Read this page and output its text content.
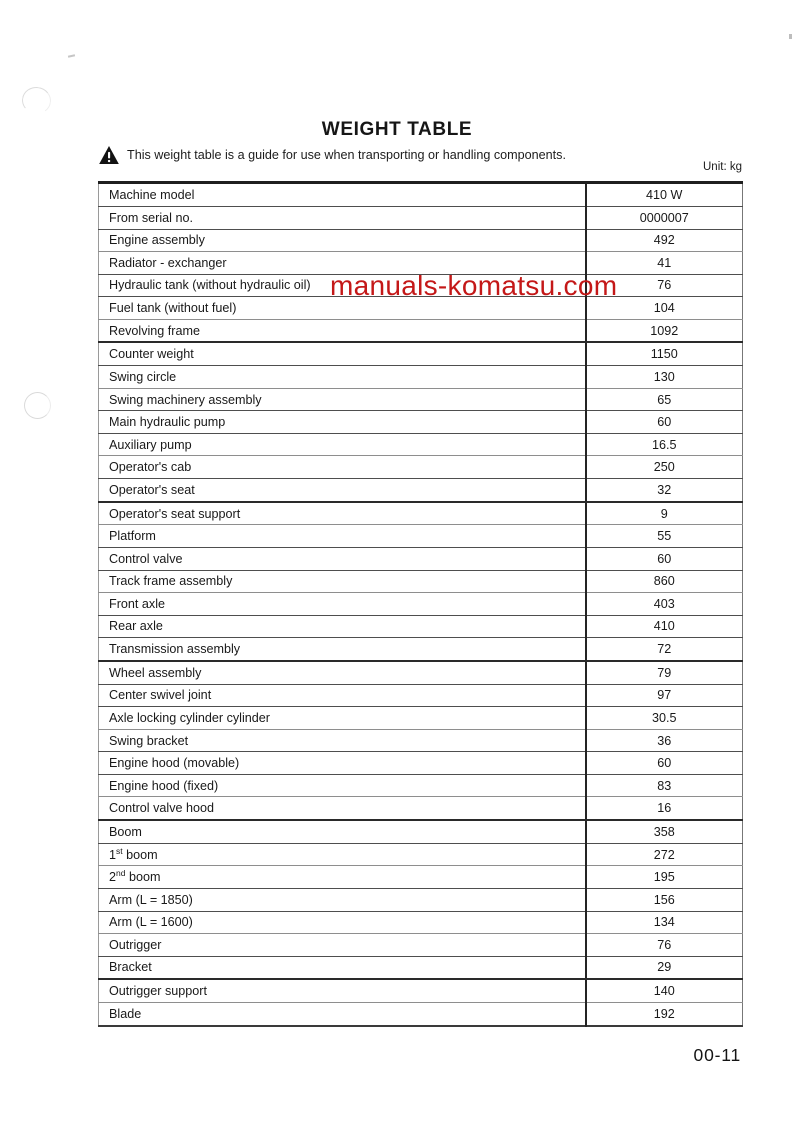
WEIGHT TABLE
This weight table is a guide for use when transporting or handling components.
Unit: kg
Machine model	410 W
From serial no.	0000007
Engine assembly	492
Radiator - exchanger	41
Hydraulic tank (without hydraulic oil)	76
Fuel tank (without fuel)	104
Revolving frame	1092
Counter weight	1150
Swing circle	130
Swing machinery assembly	65
Main hydraulic pump	60
Auxiliary pump	16.5
Operator's cab	250
Operator's seat	32
Operator's seat support	9
Platform	55
Control valve	60
Track frame assembly	860
Front axle	403
Rear axle	410
Transmission assembly	72
Wheel assembly	79
Center swivel joint	97
Axle locking cylinder cylinder	30.5
Swing bracket	36
Engine hood (movable)	60
Engine hood (fixed)	83
Control valve hood	16
Boom	358
1st boom	272
2nd boom	195
Arm (L = 1850)	156
Arm (L = 1600)	134
Outrigger	76
Bracket	29
Outrigger support	140
Blade	192
manuals-komatsu.com
00-11
